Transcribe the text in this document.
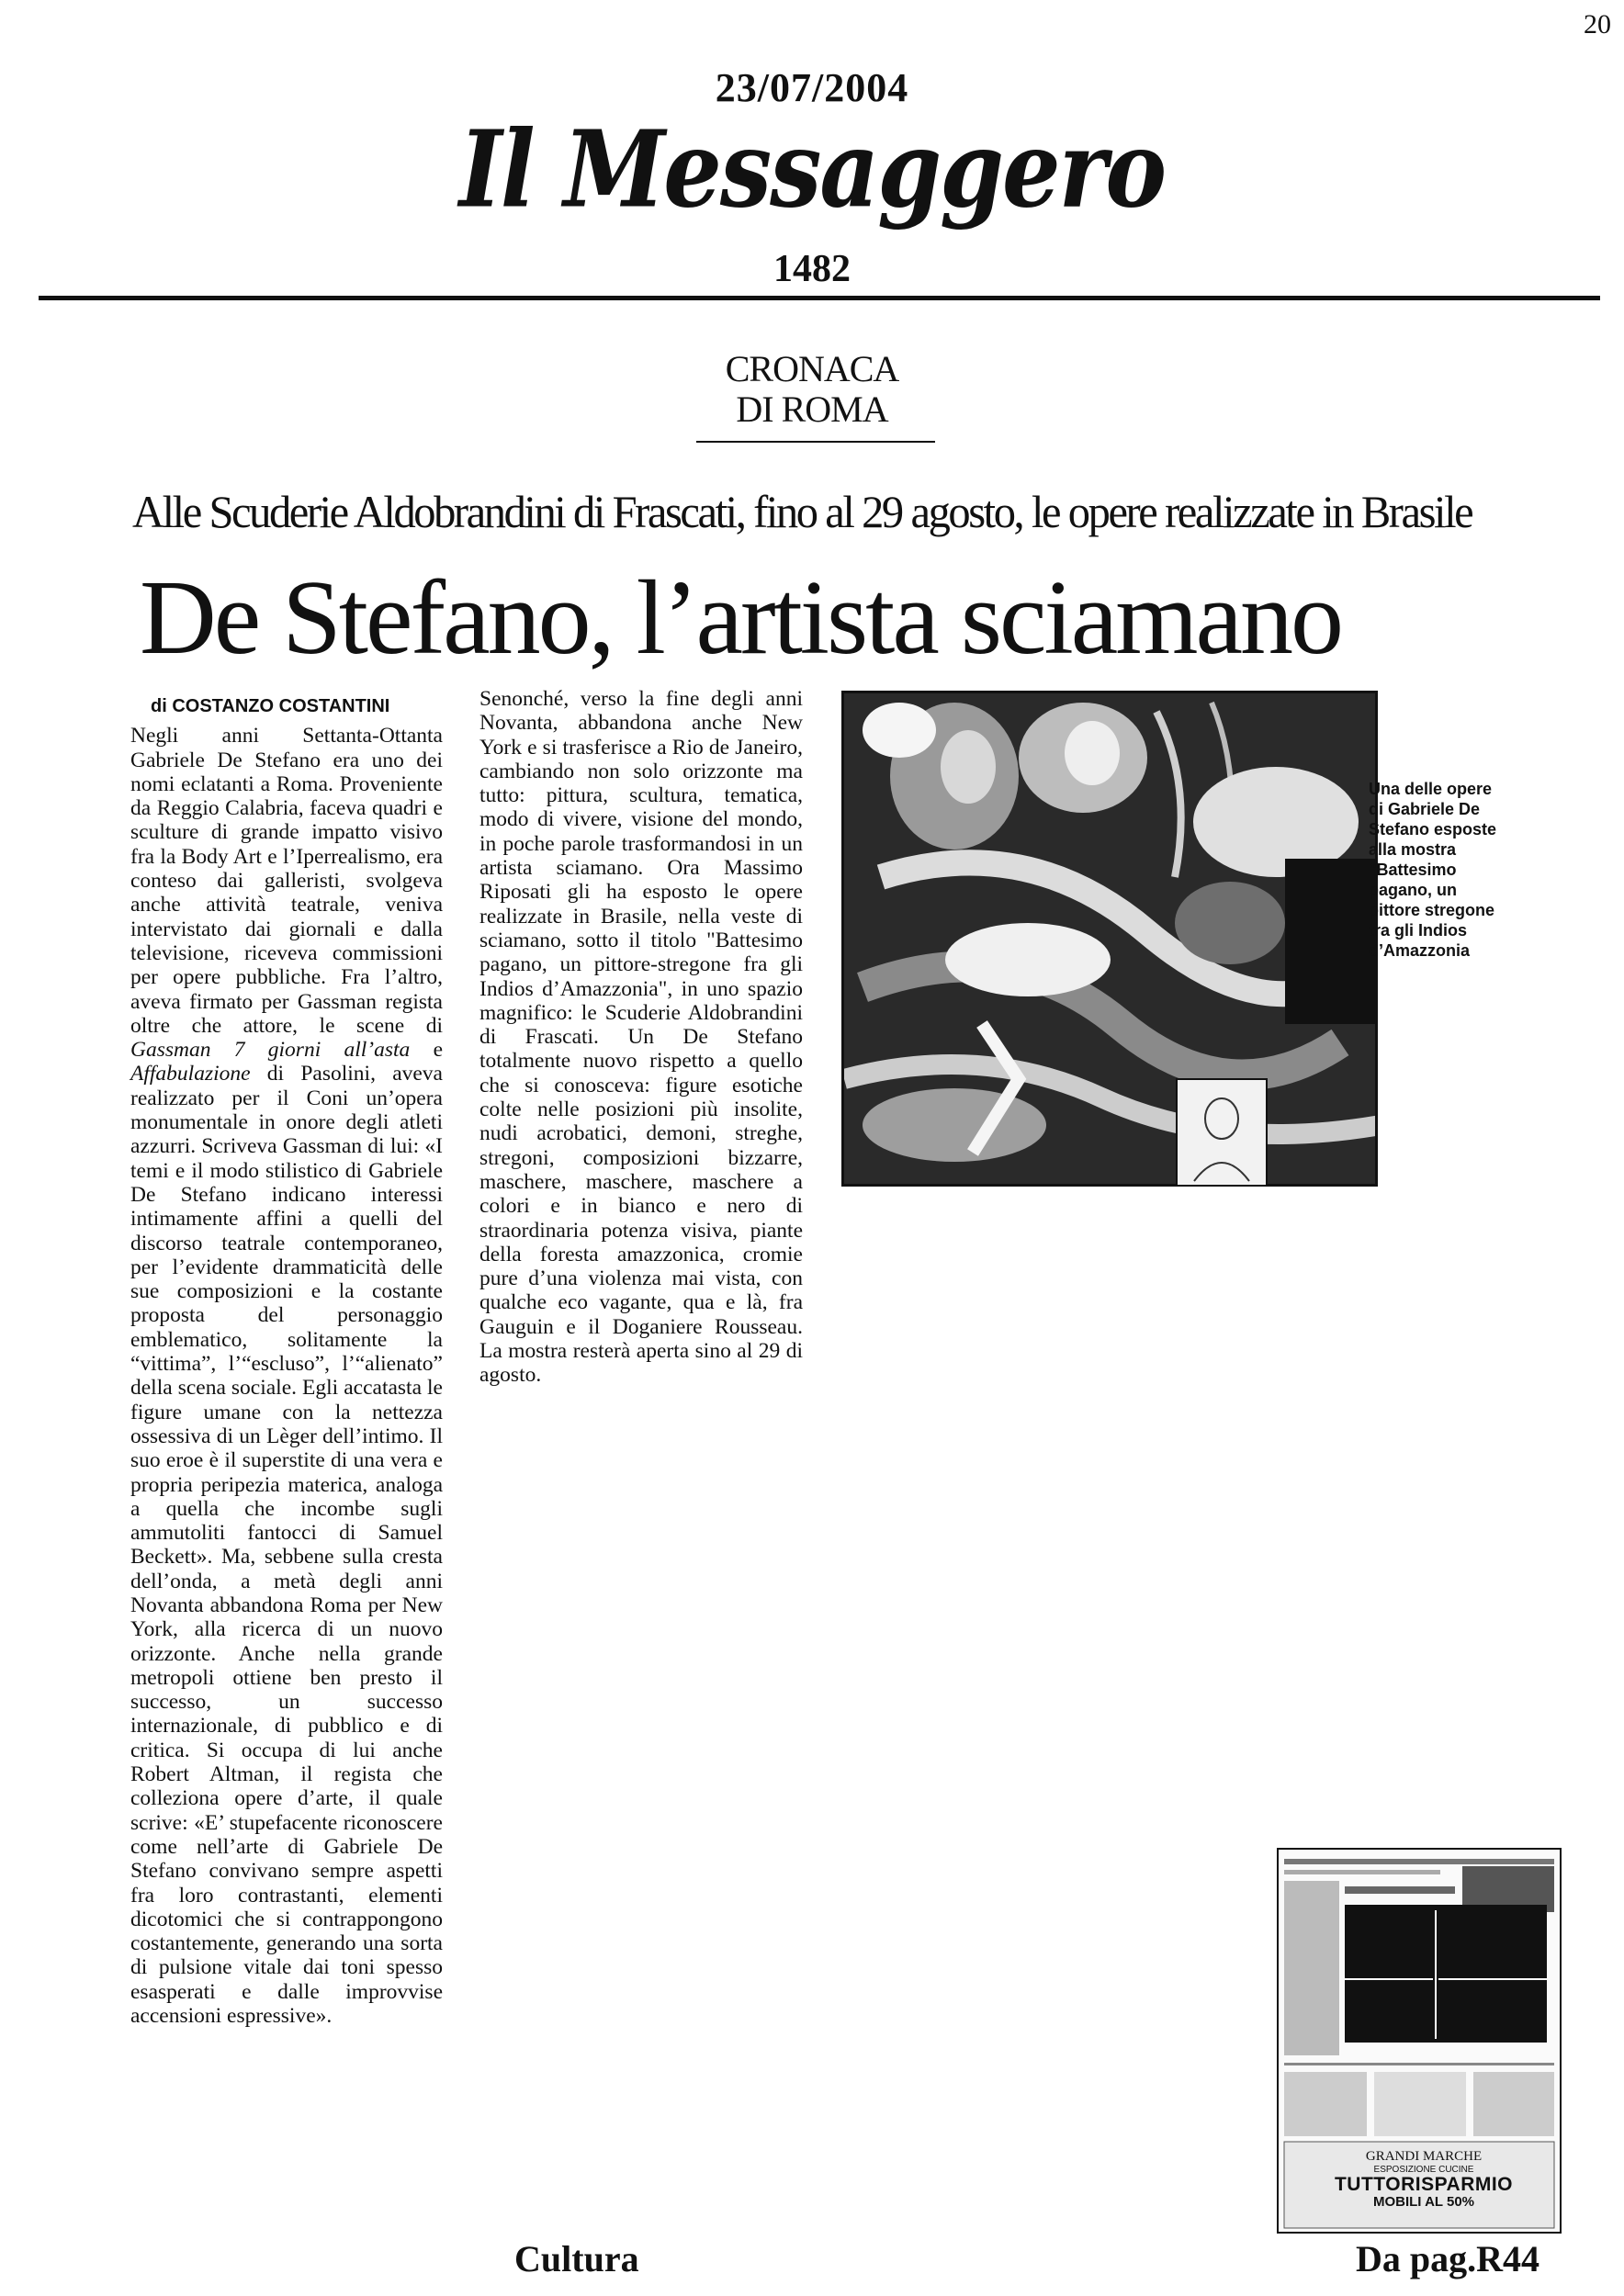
20
23/07/2004
Il Messaggero
1482
CRONACA
DI ROMA
Alle Scuderie Aldobrandini di Frascati, fino al 29 agosto, le opere realizzate in Brasile
De Stefano, l’artista sciamano
di COSTANZO COSTANTINI

Negli anni Settanta-Ottanta Gabriele De Stefano era uno dei nomi eclatanti a Roma. Proveniente da Reggio Calabria, faceva quadri e sculture di grande impatto visivo fra la Body Art e l’Iperrealismo, era conteso dai galleristi, svolgeva anche attività teatrale, veniva intervistato dai giornali e dalla televisione, riceveva commissioni per opere pubbliche. Fra l’altro, aveva firmato per Gassman regista oltre che attore, le scene di Gassman 7 giorni all’asta e Affabulazione di Pasolini, aveva realizzato per il Coni un’opera monumentale in onore degli atleti azzurri. Scriveva Gassman di lui: «I temi e il modo stilistico di Gabriele De Stefano indicano interessi intimamente affini a quelli del discorso teatrale contemporaneo, per l’evidente drammaticità delle sue composizioni e la costante proposta del personaggio emblematico, solitamente la “vittima”, l’“escluso”, l’“alienato” della scena sociale. Egli accatasta le figure umane con la nettezza ossessiva di un Lèger dell’intimo. Il suo eroe è il superstite di una vera e propria peripezia materica, analoga a quella che incombe sugli ammutoliti fantocci di Samuel Beckett». Ma, sebbene sulla cresta dell’onda, a metà degli anni Novanta abbandona Roma per New York, alla ricerca di un nuovo orizzonte. Anche nella grande metropoli ottiene ben presto il successo, un successo internazionale, di pubblico e di critica. Si occupa di lui anche Robert Altman, il regista che colleziona opere d’arte, il quale scrive: «E’ stupefacente riconoscere come nell’arte di Gabriele De Stefano convivano sempre aspetti fra loro contrastanti, elementi dicotomici che si contrappongono costantemente, generando una sorta di pulsione vitale dai toni spesso esasperati e dalle improvvise accensioni espressive».

Senonché, verso la fine degli anni Novanta, abbandona anche New York e si trasferisce a Rio de Janeiro, cambiando non solo orizzonte ma tutto: pittura, scultura, tematica, modo di vivere, visione del mondo, in poche parole trasformandosi in un artista sciamano. Ora Massimo Riposati gli ha esposto le opere realizzate in Brasile, nella veste di sciamano, sotto il titolo "Battesimo pagano, un pittore-stregone fra gli Indios d’Amazzonia", in uno spazio magnifico: le Scuderie Aldobrandini di Frascati. Un De Stefano totalmente nuovo rispetto a quello che si conosceva: figure esotiche colte nelle posizioni più insolite, nudi acrobatici, demoni, streghe, stregoni, composizioni bizzarre, maschere, maschere, maschere a colori e in bianco e nero di straordinaria potenza visiva, piante della foresta amazzonica, cromie pure d’una violenza mai vista, con qualche eco vagante, qua e là, fra Gauguin e il Doganiere Rousseau. La mostra resterà aperta sino al 29 di agosto.

Una delle opere di Gabriele De Stefano esposte alla mostra "Battesimo pagano, un pittore stregone tra gli Indios d’Amazzonia
GRANDI MARCHE
ESPOSIZIONE CUCINE
TUTTORISPARMIO
MOBILI AL 50%
Cultura	Da pag.R44
